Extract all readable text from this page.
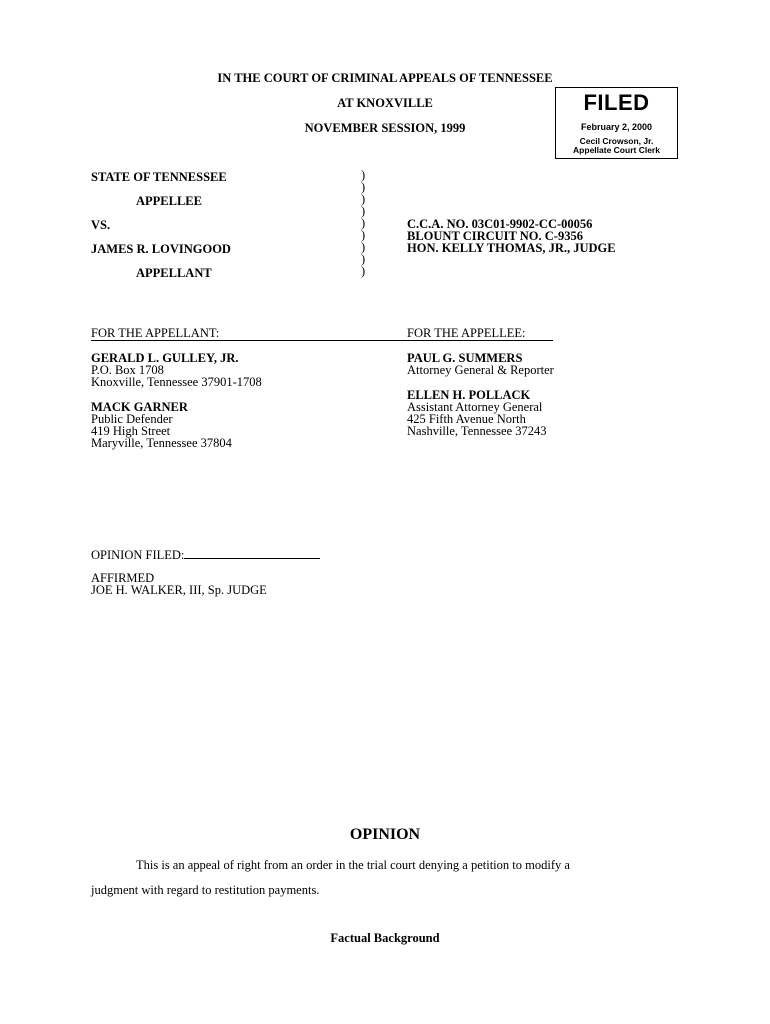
IN THE COURT OF CRIMINAL APPEALS OF TENNESSEE
AT KNOXVILLE
NOVEMBER SESSION, 1999
FILED
February 2, 2000
Cecil Crowson, Jr.
Appellate Court Clerk
STATE OF TENNESSEE
APPELLEE
VS.
JAMES R. LOVINGOOD
APPELLANT
)
)
)
)
)
)
)
)
)
C.C.A. NO. 03C01-9902-CC-00056
BLOUNT CIRCUIT NO. C-9356
HON. KELLY THOMAS, JR., JUDGE
FOR THE APPELLANT:	FOR THE APPELLEE:
GERALD L. GULLEY, JR.
P.O. Box 1708
Knoxville, Tennessee 37901-1708
MACK GARNER
Public Defender
419 High Street
Maryville, Tennessee 37804
PAUL G. SUMMERS
Attorney General & Reporter
ELLEN H. POLLACK
Assistant Attorney General
425 Fifth Avenue North
Nashville, Tennessee 37243
OPINION FILED:
AFFIRMED
JOE H. WALKER, III, Sp. JUDGE
OPINION
This is an appeal of right from an order in the trial court denying a petition to modify a
judgment with regard to restitution payments.
Factual Background
